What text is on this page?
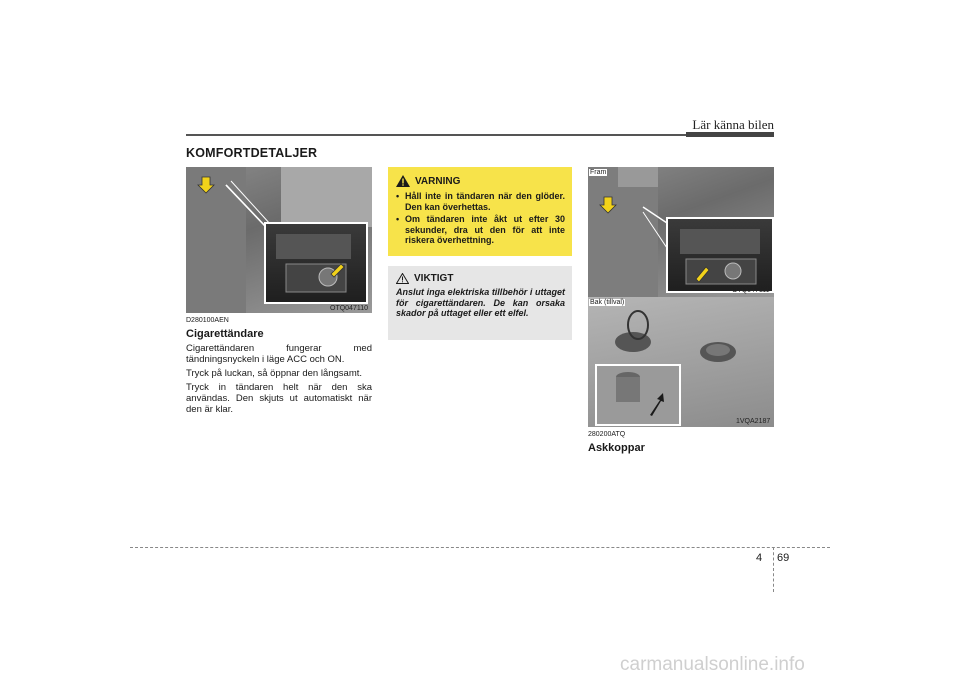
Lär känna bilen
KOMFORTDETALJER
OTQ047110
D280100AEN
Cigarettändare

Cigarettändaren fungerar med tändningsnyckeln i läge ACC och ON.

Tryck på luckan, så öppnar den långsamt.

Tryck in tändaren helt när den ska användas. Den skjuts ut automatiskt när den är klar.

VARNING
• Håll inte in tändaren när den glöder. Den kan överhettas.
• Om tändaren inte åkt ut efter 30 sekunder, dra ut den för att inte riskera överhettning.
VIKTIGT

Anslut inga elektriska tillbehör i uttaget för cigarettändaren. De kan orsaka skador på uttaget eller ett elfel.

Fram
OTQ047111
Bak (tillval)
1VQA2187
280200ATQ
Askkoppar
4 69
carmanualsonline.info
